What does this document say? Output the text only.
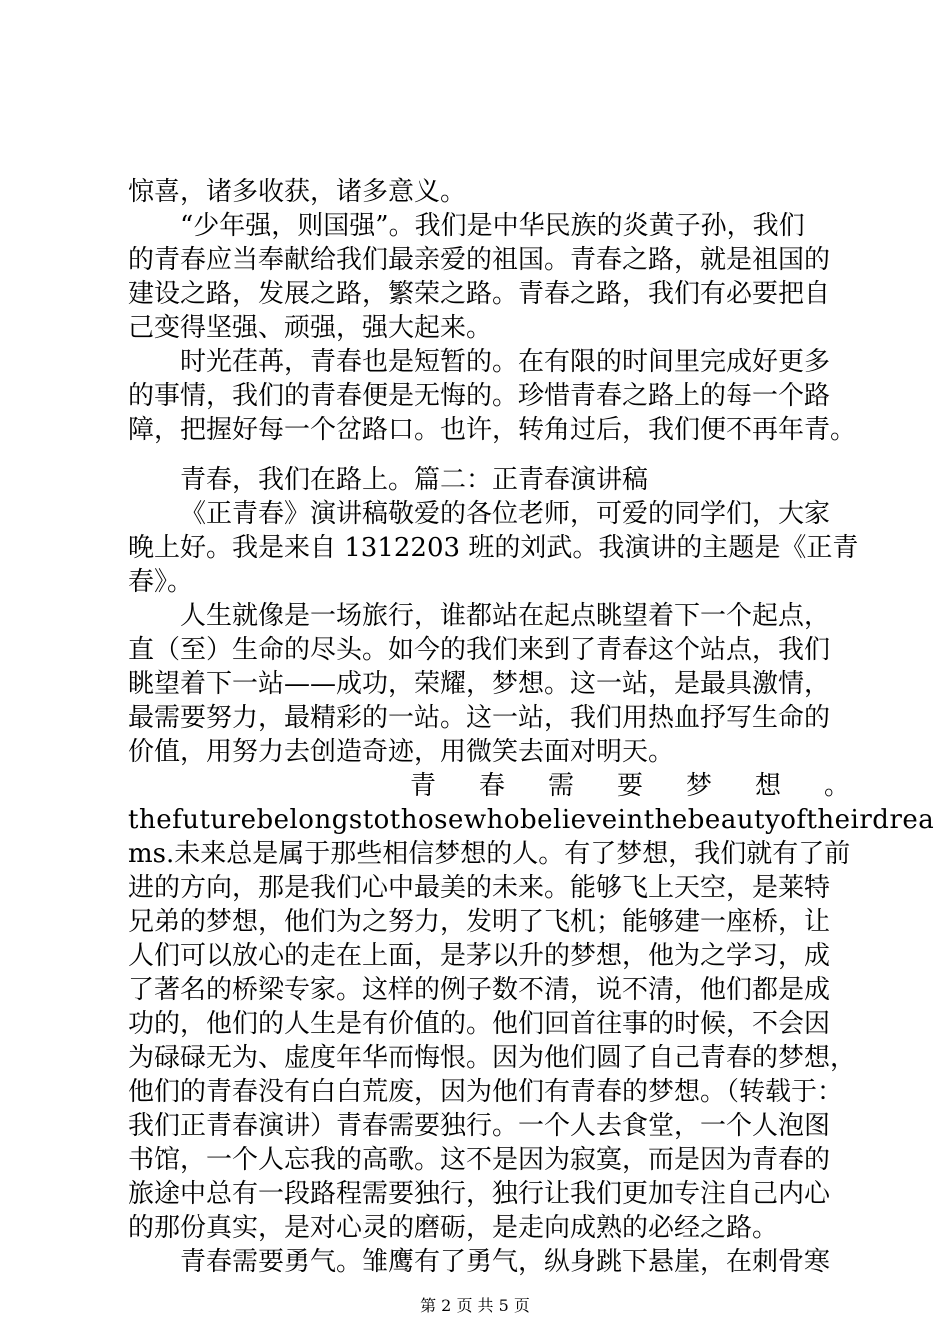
惊喜，诸多收获，诸多意义。
“少年强，则国强”。我们是中华民族的炎黄子孙，我们
的青春应当奉献给我们最亲爱的祖国。青春之路，就是祖国的
建设之路，发展之路，繁荣之路。青春之路，我们有必要把自
己变得坚强、顽强，强大起来。
时光荏苒，青春也是短暂的。在有限的时间里完成好更多
的事情，我们的青春便是无悔的。珍惜青春之路上的每一个路
障，把握好每一个岔路口。也许，转角过后，我们便不再年青。
青春，我们在路上。篇二：正青春演讲稿
《正青春》演讲稿敬爱的各位老师，可爱的同学们，大家
晚上好。我是来自 1312203 班的刘武。我演讲的主题是《正青
春》。
人生就像是一场旅行，谁都站在起点眺望着下一个起点，
直（至）生命的尽头。如今的我们来到了青春这个站点，我们
眺望着下一站——成功，荣耀，梦想。这一站，是最具激情，
最需要努力，最精彩的一站。这一站，我们用热血抒写生命的
价值，用努力去创造奇迹，用微笑去面对明天。
青 春 需 要 梦 想 。
thefuturebelongstothosewhobelieveinthebeautyoftheirdrea
ms.未来总是属于那些相信梦想的人。有了梦想，我们就有了前
进的方向，那是我们心中最美的未来。能够飞上天空，是莱特
兄弟的梦想，他们为之努力，发明了飞机；能够建一座桥，让
人们可以放心的走在上面，是茅以升的梦想，他为之学习，成
了著名的桥梁专家。这样的例子数不清，说不清，他们都是成
功的，他们的人生是有价值的。他们回首往事的时候，不会因
为碌碌无为、虚度年华而悔恨。因为他们圆了自己青春的梦想，
他们的青春没有白白荒废，因为他们有青春的梦想。（转载于：
我们正青春演讲）青春需要独行。一个人去食堂，一个人泡图
书馆，一个人忘我的高歌。这不是因为寂寞，而是因为青春的
旅途中总有一段路程需要独行，独行让我们更加专注自己内心
的那份真实，是对心灵的磨砺，是走向成熟的必经之路。
青春需要勇气。雏鹰有了勇气，纵身跳下悬崖，在刺骨寒
第 2 页 共 5 页
